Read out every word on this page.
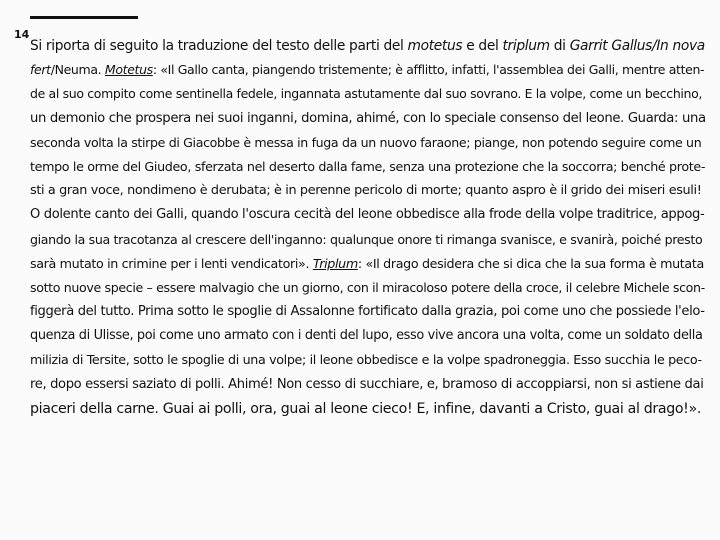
14
Si riporta di seguito la traduzione del testo delle parti del motetus e del triplum di Garrit Gallus/In nova
fert/Neuma. Motetus: «Il Gallo canta, piangendo tristemente; è afflitto, infatti, l'assemblea dei Galli, mentre atten-
de al suo compito come sentinella fedele, ingannata astutamente dal suo sovrano. E la volpe, come un becchino,
un demonio che prospera nei suoi inganni, domina, ahimé, con lo speciale consenso del leone. Guarda: una
seconda volta la stirpe di Giacobbe è messa in fuga da un nuovo faraone; piange, non potendo seguire come un
tempo le orme del Giudeo, sferzata nel deserto dalla fame, senza una protezione che la soccorra; benché prote-
sti a gran voce, nondimeno è derubata; è in perenne pericolo di morte; quanto aspro è il grido dei miseri esuli!
O dolente canto dei Galli, quando l'oscura cecità del leone obbedisce alla frode della volpe traditrice, appog-
giando la sua tracotanza al crescere dell'inganno: qualunque onore ti rimanga svanisce, e svanirà, poiché presto
sarà mutato in crimine per i lenti vendicatori». Triplum: «Il drago desidera che si dica che la sua forma è mutata
sotto nuove specie – essere malvagio che un giorno, con il miracoloso potere della croce, il celebre Michele scon-
figgerà del tutto. Prima sotto le spoglie di Assalonne fortificato dalla grazia, poi come uno che possiede l'elo-
quenza di Ulisse, poi come uno armato con i denti del lupo, esso vive ancora una volta, come un soldato della
milizia di Tersite, sotto le spoglie di una volpe; il leone obbedisce e la volpe spadroneggia. Esso succhia le peco-
re, dopo essersi saziato di polli. Ahimé! Non cesso di succhiare, e, bramoso di accoppiarsi, non si astiene dai
piaceri della carne. Guai ai polli, ora, guai al leone cieco! E, infine, davanti a Cristo, guai al drago!».
